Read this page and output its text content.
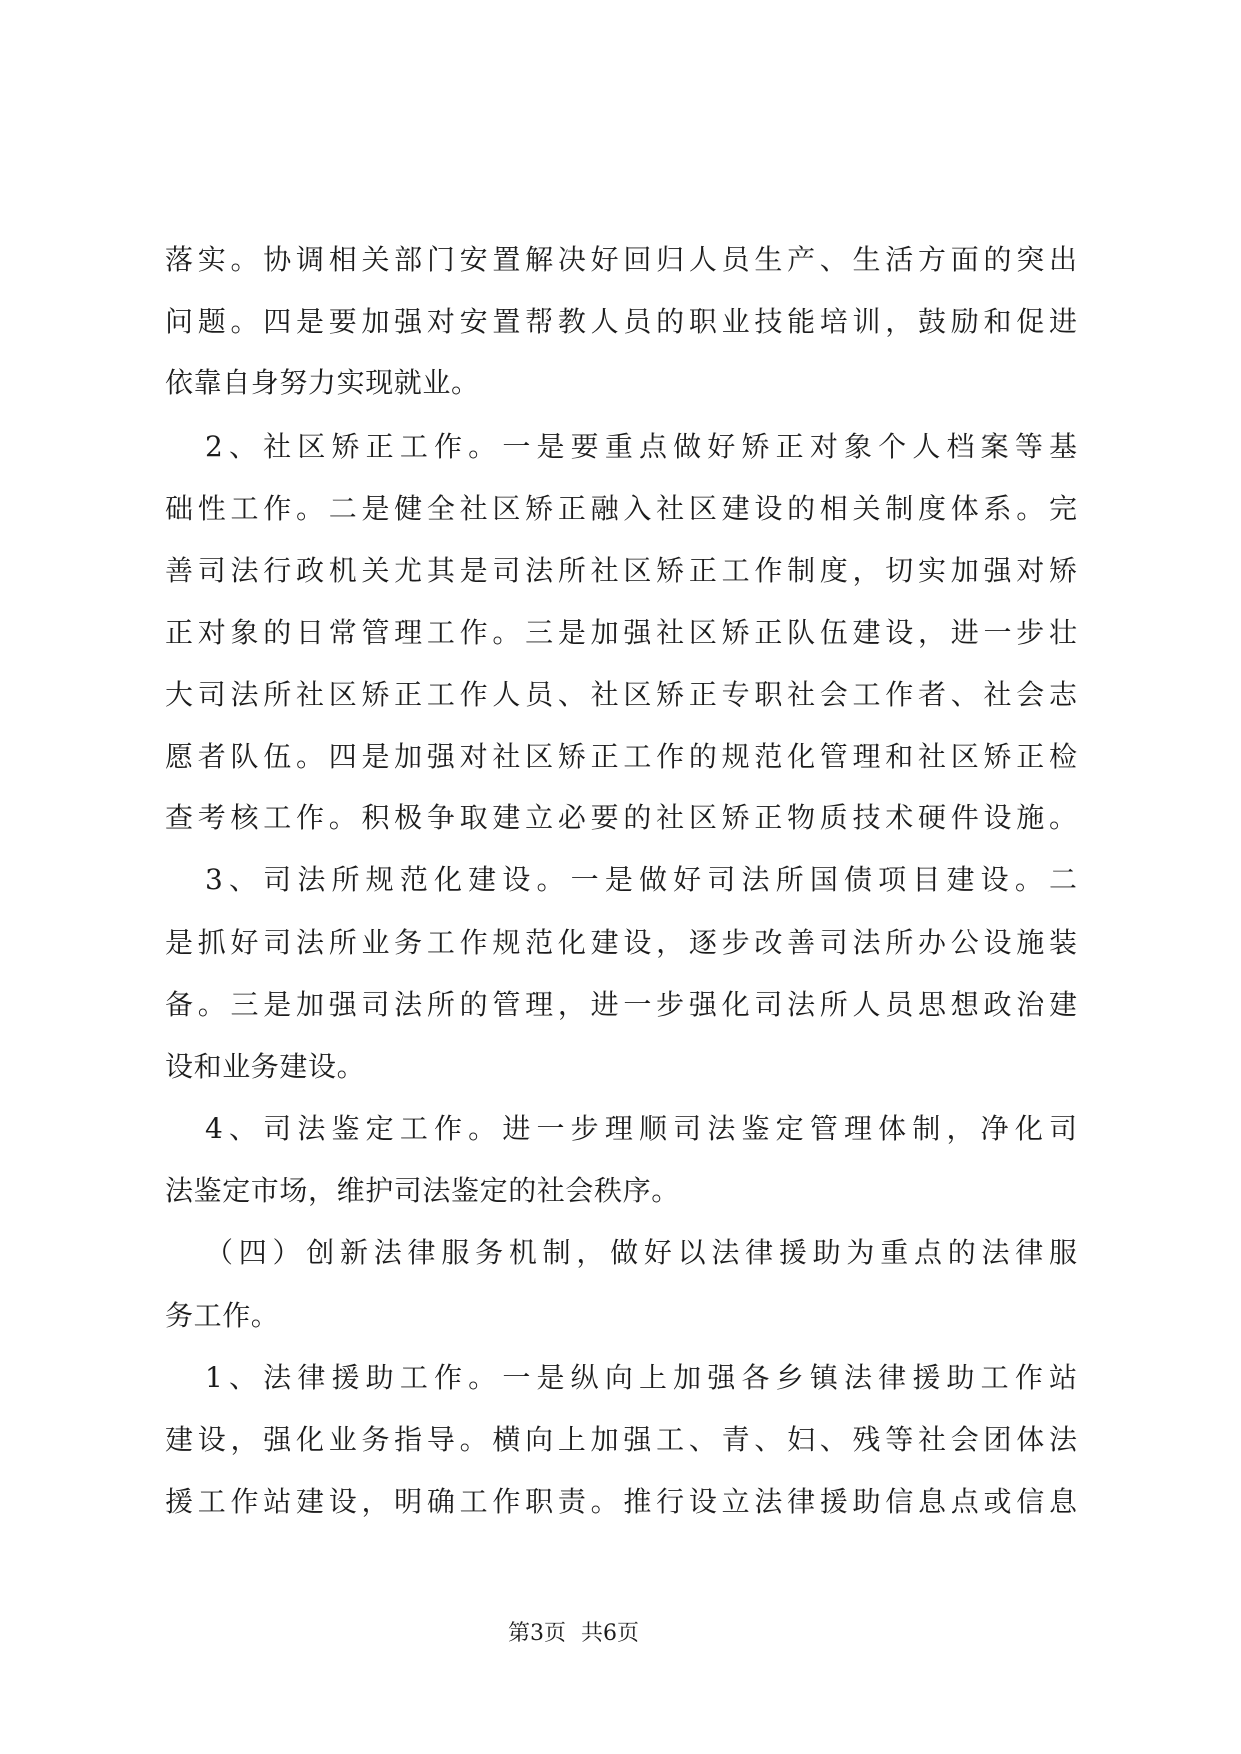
落实。协调相关部门安置解决好回归人员生产、生活方面的突出
问题。四是要加强对安置帮教人员的职业技能培训，鼓励和促进
依靠自身努力实现就业。
2、社区矫正工作。一是要重点做好矫正对象个人档案等基
础性工作。二是健全社区矫正融入社区建设的相关制度体系。完
善司法行政机关尤其是司法所社区矫正工作制度，切实加强对矫
正对象的日常管理工作。三是加强社区矫正队伍建设，进一步壮
大司法所社区矫正工作人员、社区矫正专职社会工作者、社会志
愿者队伍。四是加强对社区矫正工作的规范化管理和社区矫正检
查考核工作。积极争取建立必要的社区矫正物质技术硬件设施。
3、司法所规范化建设。一是做好司法所国债项目建设。二
是抓好司法所业务工作规范化建设，逐步改善司法所办公设施装
备。三是加强司法所的管理，进一步强化司法所人员思想政治建
设和业务建设。
4、司法鉴定工作。进一步理顺司法鉴定管理体制，净化司
法鉴定市场，维护司法鉴定的社会秩序。
（四）创新法律服务机制，做好以法律援助为重点的法律服
务工作。
1、法律援助工作。一是纵向上加强各乡镇法律援助工作站
建设，强化业务指导。横向上加强工、青、妇、残等社会团体法
援工作站建设，明确工作职责。推行设立法律援助信息点或信息
第3页 共6页
